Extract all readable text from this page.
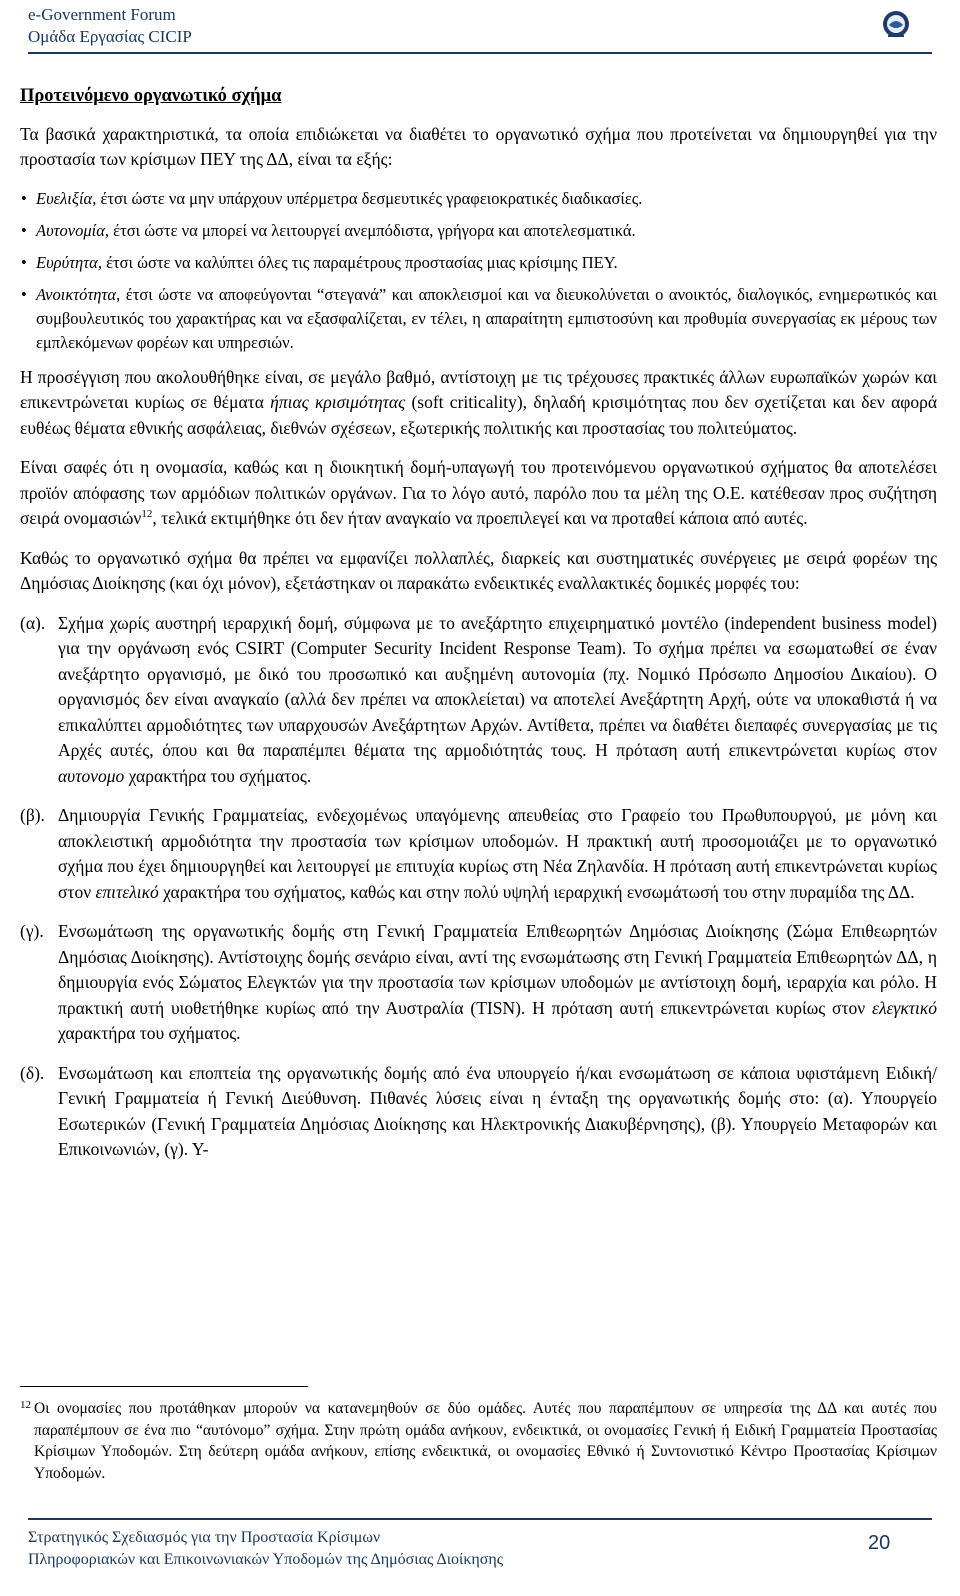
e-Government Forum
Ομάδα Εργασίας CICIP

Προτεινόμενο οργανωτικό σχήμα

Τα βασικά χαρακτηριστικά, τα οποία επιδιώκεται να διαθέτει το οργανωτικό σχήμα που προτείνεται να δημιουργηθεί για την προστασία των κρίσιμων ΠΕΥ της ΔΔ, είναι τα εξής:

• Ευελιξία, έτσι ώστε να μην υπάρχουν υπέρμετρα δεσμευτικές γραφειοκρατικές διαδικασίες.
• Αυτονομία, έτσι ώστε να μπορεί να λειτουργεί ανεμπόδιστα, γρήγορα και αποτελεσματικά.
• Ευρύτητα, έτσι ώστε να καλύπτει όλες τις παραμέτρους προστασίας μιας κρίσιμης ΠΕΥ.
• Ανοικτότητα, έτσι ώστε να αποφεύγονται “στεγανά” και αποκλεισμοί και να διευκολύνεται ο ανοικτός, διαλογικός, ενημερωτικός και συμβουλευτικός του χαρακτήρας και να εξασφαλίζεται, εν τέλει, η απαραίτητη εμπιστοσύνη και προθυμία συνεργασίας εκ μέρους των εμπλεκόμενων φορέων και υπηρεσιών.

Η προσέγγιση που ακολουθήθηκε είναι, σε μεγάλο βαθμό, αντίστοιχη με τις τρέχουσες πρακτικές άλλων ευρωπαϊκών χωρών και επικεντρώνεται κυρίως σε θέματα ήπιας κρισιμότητας (soft criticality), δηλαδή κρισιμότητας που δεν σχετίζεται και δεν αφορά ευθέως θέματα εθνικής ασφάλειας, διεθνών σχέσεων, εξωτερικής πολιτικής και προστασίας του πολιτεύματος.

Είναι σαφές ότι η ονομασία, καθώς και η διοικητική δομή-υπαγωγή του προτεινόμενου οργανωτικού σχήματος θα αποτελέσει προϊόν απόφασης των αρμόδιων πολιτικών οργάνων. Για το λόγο αυτό, παρόλο που τα μέλη της Ο.Ε. κατέθεσαν προς συζήτηση σειρά ονομασιών$^{12}$, τελικά εκτιμήθηκε ότι δεν ήταν αναγκαίο να προεπιλεγεί και να προταθεί κάποια από αυτές.

Καθώς το οργανωτικό σχήμα θα πρέπει να εμφανίζει πολλαπλές, διαρκείς και συστηματικές συνέργειες με σειρά φορέων της Δημόσιας Διοίκησης (και όχι μόνον), εξετάστηκαν οι παρακάτω ενδεικτικές εναλλακτικές δομικές μορφές του:

(α). Σχήμα χωρίς αυστηρή ιεραρχική δομή, σύμφωνα με το ανεξάρτητο επιχειρηματικό μοντέλο (independent business model) για την οργάνωση ενός CSIRT (Computer Security Incident Response Team). Το σχήμα πρέπει να εσωματωθεί σε έναν ανεξάρτητο οργανισμό, με δικό του προσωπικό και αυξημένη αυτονομία (πχ. Νομικό Πρόσωπο Δημοσίου Δικαίου). Ο οργανισμός δεν είναι αναγκαίο (αλλά δεν πρέπει να αποκλείεται) να αποτελεί Ανεξάρτητη Αρχή, ούτε να υποκαθιστά ή να επικαλύπτει αρμοδιότητες των υπαρχουσών Ανεξάρτητων Αρχών. Αντίθετα, πρέπει να διαθέτει διεπαφές συνεργασίας με τις Αρχές αυτές, όπου και θα παραπέμπει θέματα της αρμοδιότητάς τους. Η πρόταση αυτή επικεντρώνεται κυρίως στον αυτονομο χαρακτήρα του σχήματος.
(β). Δημιουργία Γενικής Γραμματείας, ενδεχομένως υπαγόμενης απευθείας στο Γραφείο του Πρωθυπουργού, με μόνη και αποκλειστική αρμοδιότητα την προστασία των κρίσιμων υποδομών. Η πρακτική αυτή προσομοιάζει με το οργανωτικό σχήμα που έχει δημιουργηθεί και λειτουργεί με επιτυχία κυρίως στη Νέα Ζηλανδία. Η πρόταση αυτή επικεντρώνεται κυρίως στον επιτελικό χαρακτήρα του σχήματος, καθώς και στην πολύ υψηλή ιεραρχική ενσωμάτωσή του στην πυραμίδα της ΔΔ.
(γ). Ενσωμάτωση της οργανωτικής δομής στη Γενική Γραμματεία Επιθεωρητών Δημόσιας Διοίκησης (Σώμα Επιθεωρητών Δημόσιας Διοίκησης). Αντίστοιχης δομής σενάριο είναι, αντί της ενσωμάτωσης στη Γενική Γραμματεία Επιθεωρητών ΔΔ, η δημιουργία ενός Σώματος Ελεγκτών για την προστασία των κρίσιμων υποδομών με αντίστοιχη δομή, ιεραρχία και ρόλο. Η πρακτική αυτή υιοθετήθηκε κυρίως από την Αυστραλία (TISN). Η πρόταση αυτή επικεντρώνεται κυρίως στον ελεγκτικό χαρακτήρα του σχήματος.
(δ). Ενσωμάτωση και εποπτεία της οργανωτικής δομής από ένα υπουργείο ή/και ενσωμάτωση σε κάποια υφιστάμενη Ειδική/Γενική Γραμματεία ή Γενική Διεύθυνση. Πιθανές λύσεις είναι η ένταξη της οργανωτικής δομής στο: (α). Υπουργείο Εσωτερικών (Γενική Γραμματεία Δημόσιας Διοίκησης και Ηλεκτρονικής Διακυβέρνησης), (β). Υπουργείο Μεταφορών και Επικοινωνιών, (γ). Υ-
12 Οι ονομασίες που προτάθηκαν μπορούν να κατανεμηθούν σε δύο ομάδες. Αυτές που παραπέμπουν σε υπηρεσία της ΔΔ και αυτές που παραπέμπουν σε ένα πιο “αυτόνομο” σχήμα. Στην πρώτη ομάδα ανήκουν, ενδεικτικά, οι ονομασίες Γενική ή Ειδική Γραμματεία Προστασίας Κρίσιμων Υποδομών. Στη δεύτερη ομάδα ανήκουν, επίσης ενδεικτικά, οι ονομασίες Εθνικό ή Συντονιστικό Κέντρο Προστασίας Κρίσιμων Υποδομών.
Στρατηγικός Σχεδιασμός για την Προστασία Κρίσιμων
Πληροφοριακών και Επικοινωνιακών Υποδομών της Δημόσιας Διοίκησης
20
